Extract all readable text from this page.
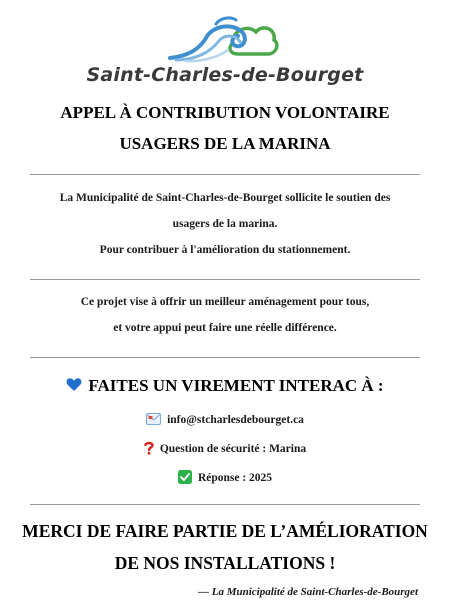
Saint-Charles-de-Bourget
APPEL À CONTRIBUTION VOLONTAIRE
USAGERS DE LA MARINA
La Municipalité de Saint-Charles-de-Bourget sollicite le soutien des
usagers de la marina.
Pour contribuer à l'amélioration du stationnement.
Ce projet vise à offrir un meilleur aménagement pour tous,
et votre appui peut faire une réelle différence.
FAITES UN VIREMENT INTERAC À :
info@stcharlesdebourget.ca
Question de sécurité : Marina
Réponse : 2025
MERCI DE FAIRE PARTIE DE L’AMÉLIORATION
DE NOS INSTALLATIONS !
— La Municipalité de Saint-Charles-de-Bourget
